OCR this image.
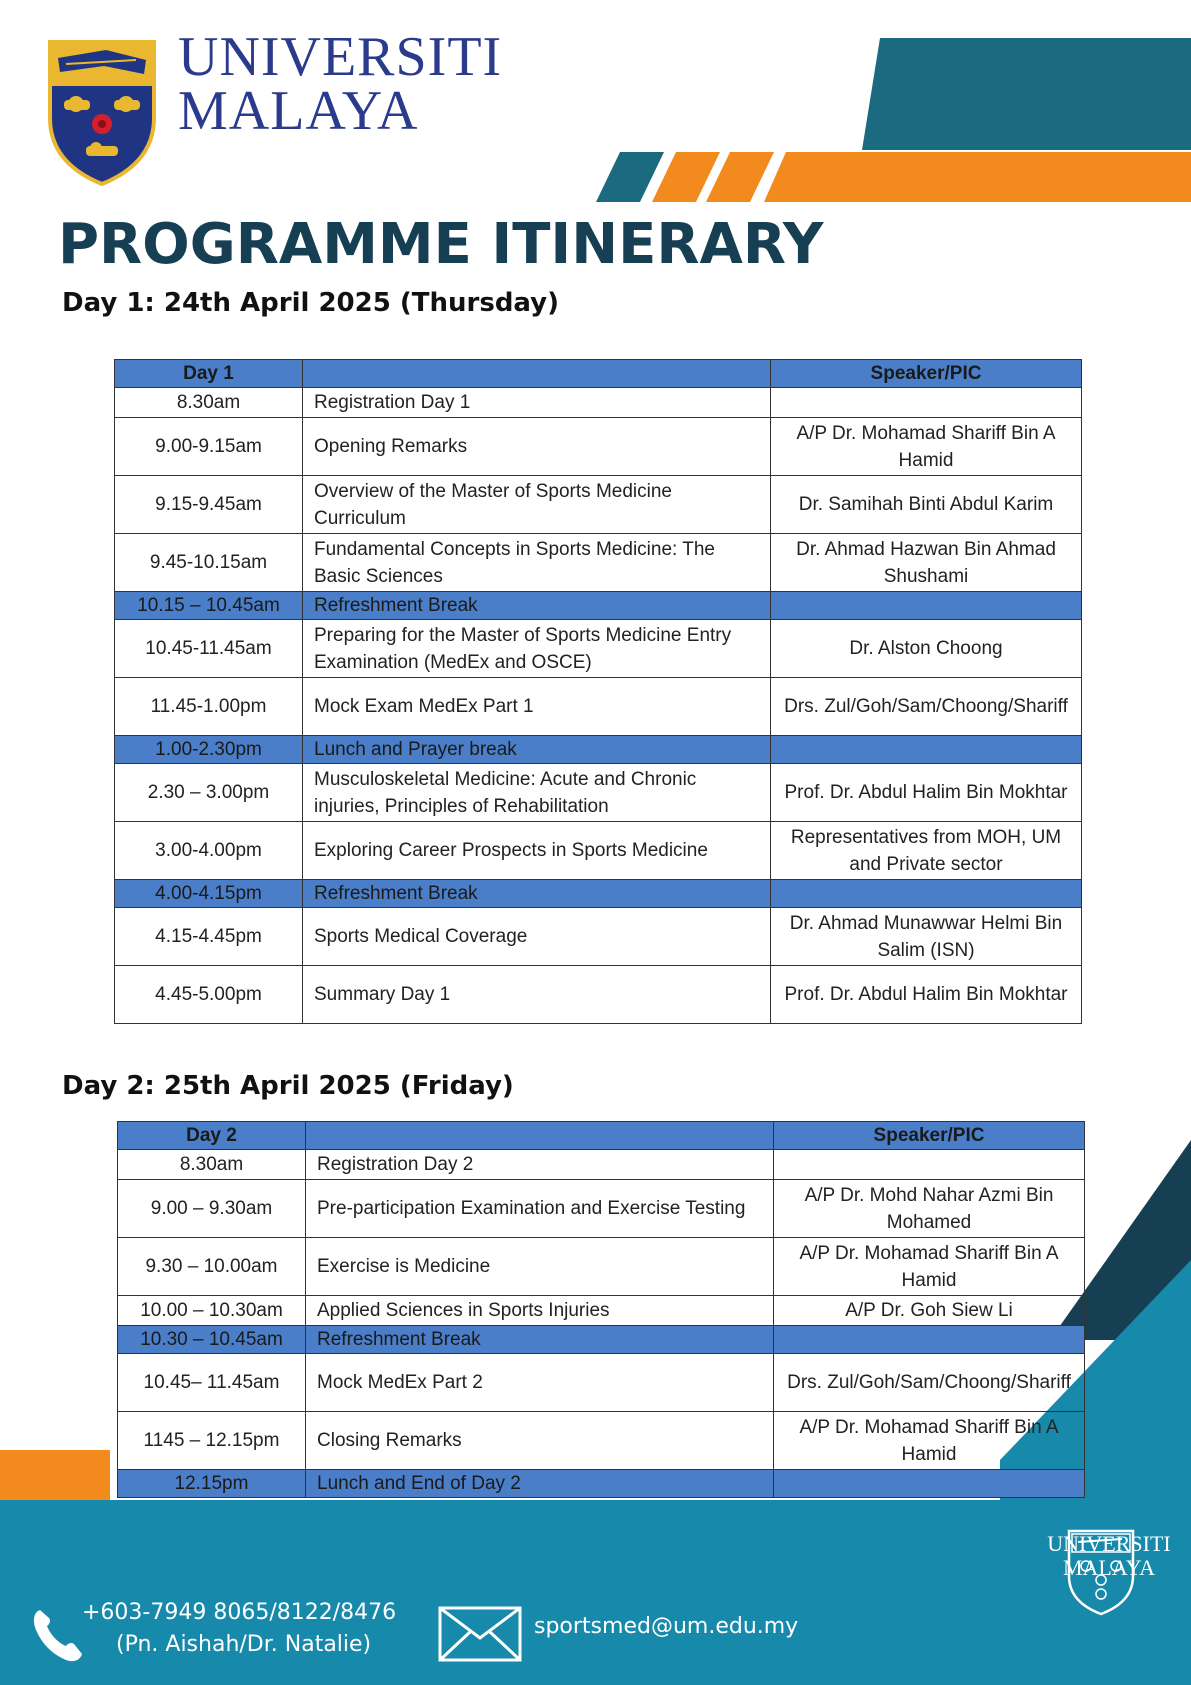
UNIVERSITI
MALAYA
PROGRAMME ITINERARY
Day 1: 24th April 2025 (Thursday)
Day 1		Speaker/PIC
8.30am	Registration Day 1	
9.00-9.15am	Opening Remarks	A/P Dr. Mohamad Shariff Bin A Hamid
9.15-9.45am	Overview of the Master of Sports Medicine Curriculum	Dr. Samihah Binti Abdul Karim
9.45-10.15am	Fundamental Concepts in Sports Medicine: The Basic Sciences	Dr. Ahmad Hazwan Bin Ahmad Shushami
10.15 – 10.45am	Refreshment Break	
10.45-11.45am	Preparing for the Master of Sports Medicine Entry Examination (MedEx and OSCE)	Dr. Alston Choong
11.45-1.00pm	Mock Exam MedEx Part 1	Drs. Zul/Goh/Sam/Choong/Shariff
1.00-2.30pm	Lunch and Prayer break	
2.30 – 3.00pm	Musculoskeletal Medicine: Acute and Chronic injuries, Principles of Rehabilitation	Prof. Dr. Abdul Halim Bin Mokhtar
3.00-4.00pm	Exploring Career Prospects in Sports Medicine	Representatives from MOH, UM and Private sector
4.00-4.15pm	Refreshment Break	
4.15-4.45pm	Sports Medical Coverage	Dr. Ahmad Munawwar Helmi Bin Salim (ISN)
4.45-5.00pm	Summary Day 1	Prof. Dr. Abdul Halim Bin Mokhtar
Day 2: 25th April 2025 (Friday)
Day 2		Speaker/PIC
8.30am	Registration Day 2	
9.00 – 9.30am	Pre-participation Examination and Exercise Testing	A/P Dr. Mohd Nahar Azmi Bin Mohamed
9.30 – 10.00am	Exercise is Medicine	A/P Dr. Mohamad Shariff Bin A Hamid
10.00 – 10.30am	Applied Sciences in Sports Injuries	A/P Dr. Goh Siew Li
10.30 – 10.45am	Refreshment Break	
10.45– 11.45am	Mock MedEx Part 2	Drs. Zul/Goh/Sam/Choong/Shariff
1145 – 12.15pm	Closing Remarks	A/P Dr. Mohamad Shariff Bin A Hamid
12.15pm	Lunch and End of Day 2	
+603-7949 8065/8122/8476
(Pn. Aishah/Dr. Natalie)
sportsmed@um.edu.my
UNIVERSITI
MALAYA
